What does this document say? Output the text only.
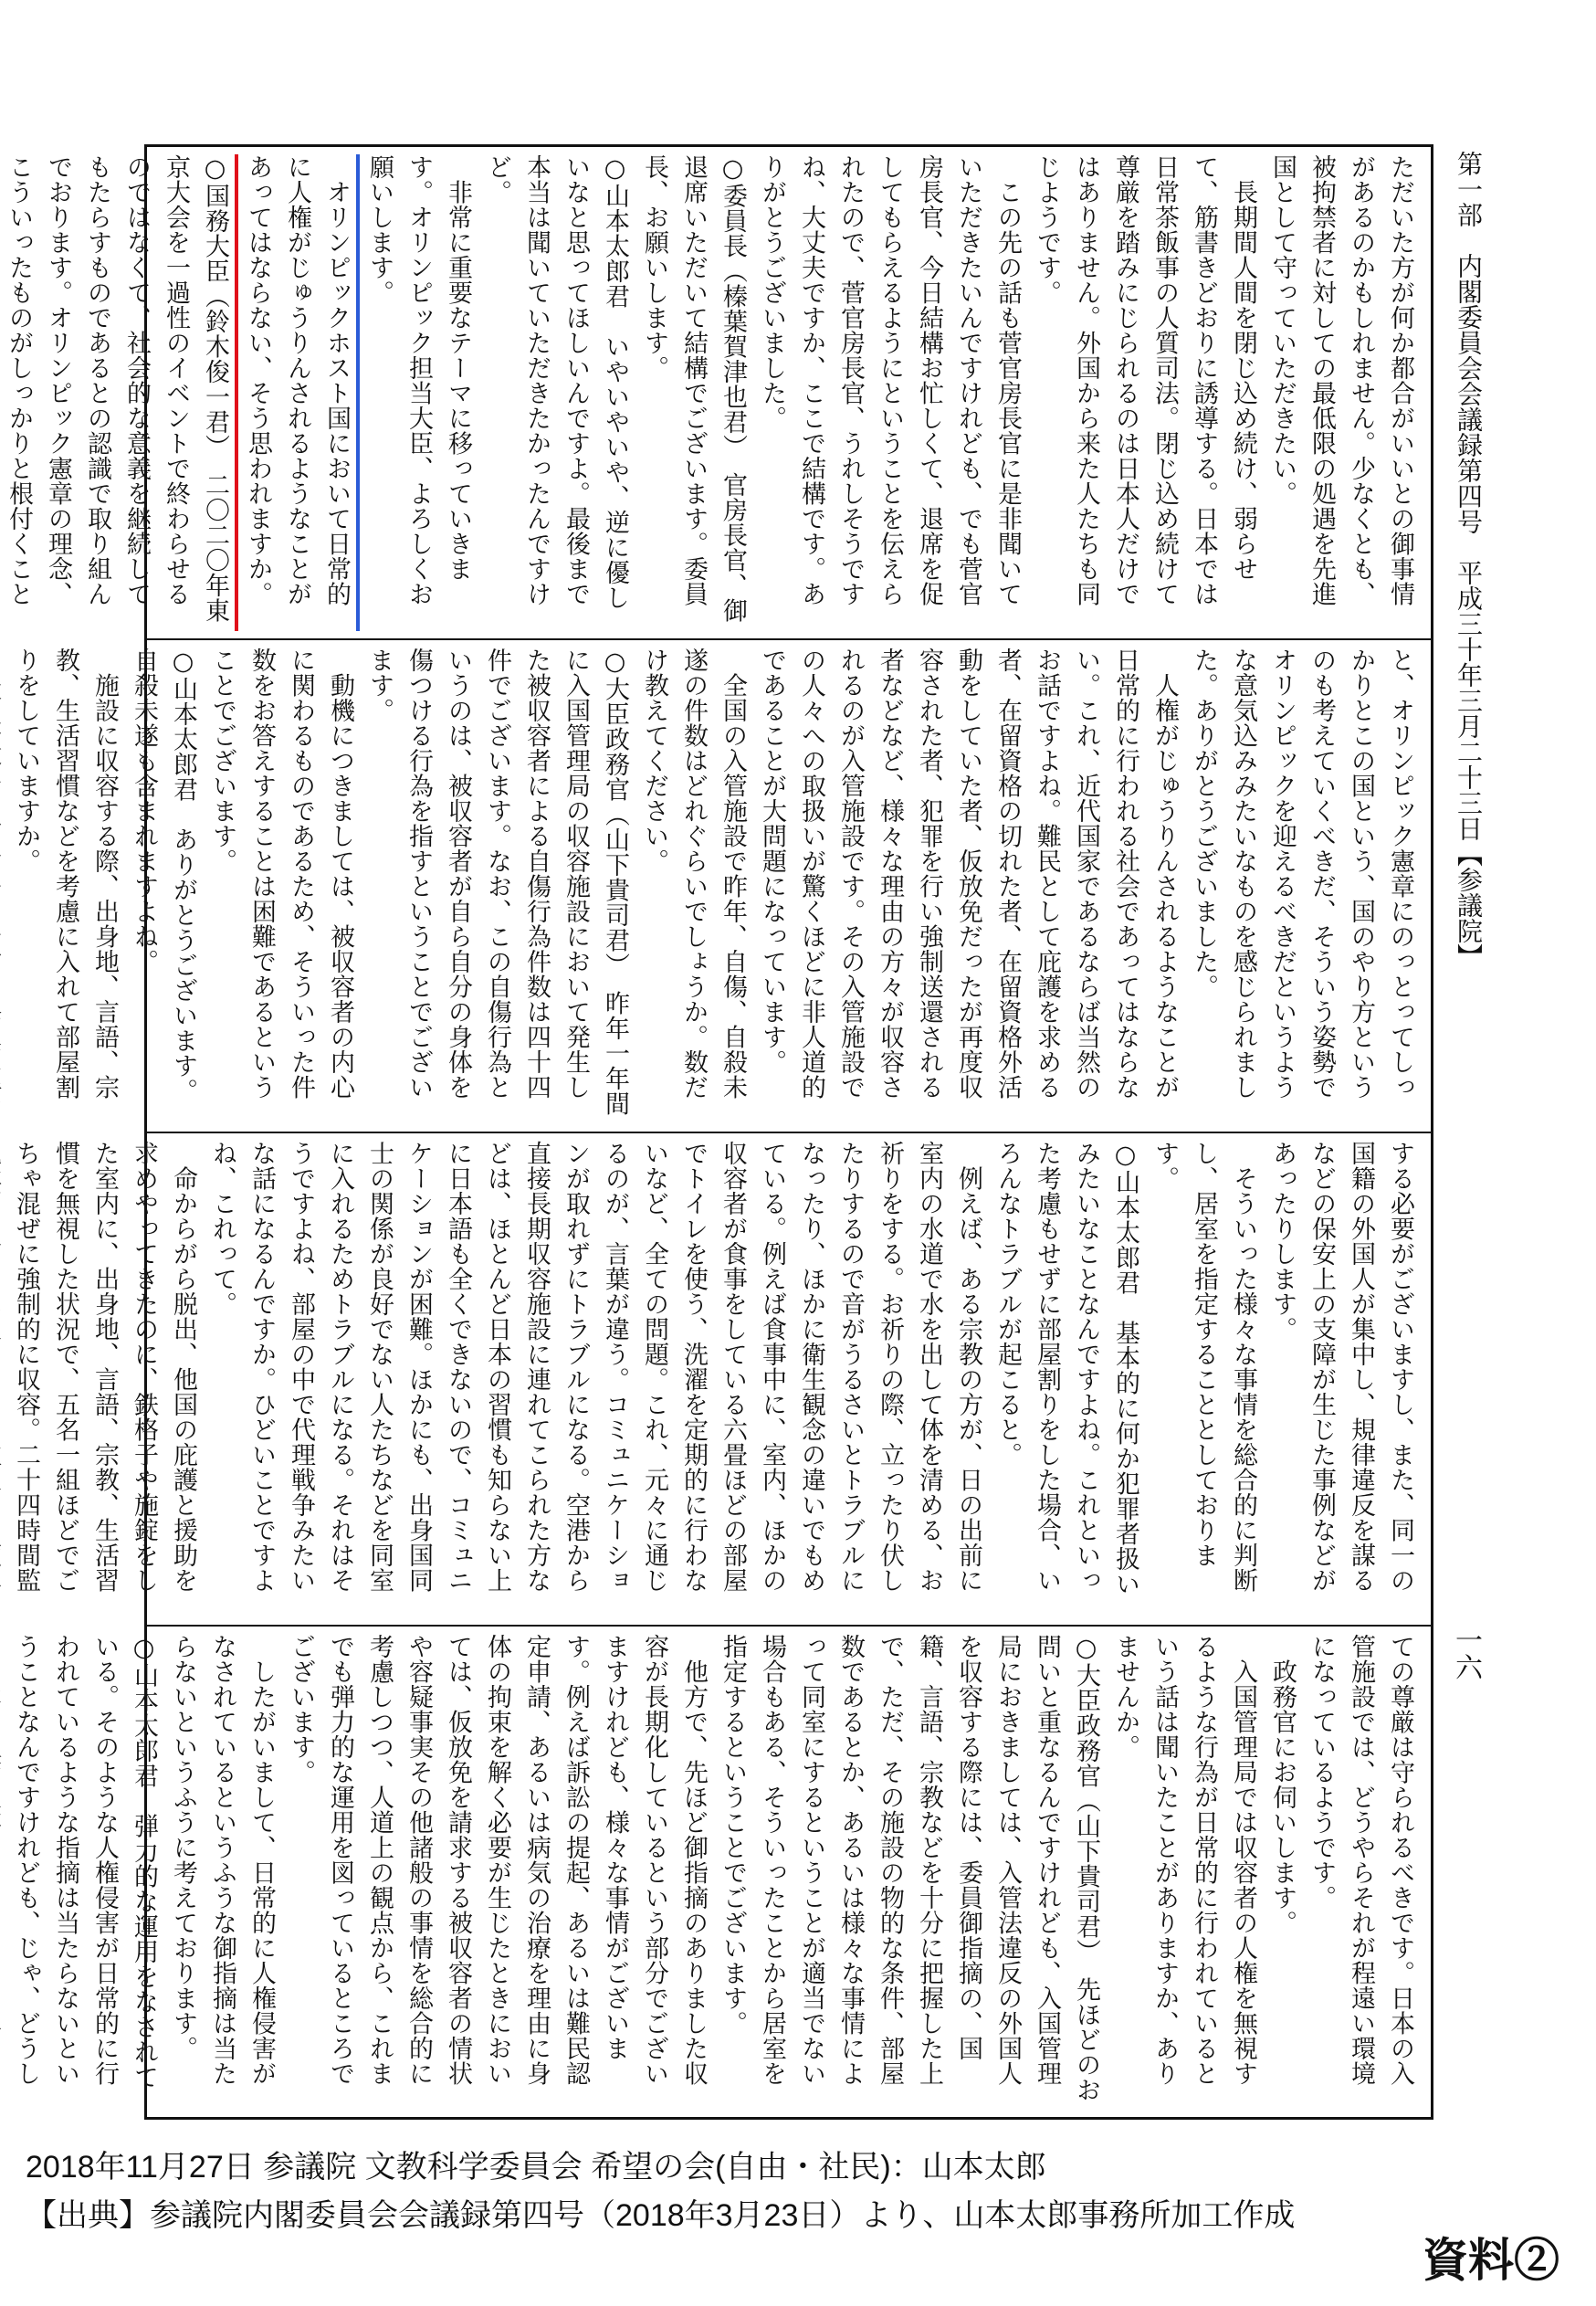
ただいた方が何か都合がいいとの御事情があるのかもしれません。少なくとも、被拘禁者に対しての最低限の処遇を先進国として守っていただきたい。

　長期間人間を閉じ込め続け、弱らせて、筋書きどおりに誘導する。日本では日常茶飯事の人質司法。閉じ込め続けて尊厳を踏みにじられるのは日本人だけではありません。外国から来た人たちも同じようです。

　この先の話も菅官房長官に是非聞いていただきたいんですけれども、でも菅官房長官、今日結構お忙しくて、退席を促してもらえるようにということを伝えられたので、菅官房長官、うれしそうですね、大丈夫ですか、ここで結構です。ありがとうございました。

○委員長（榛葉賀津也君）　官房長官、御退席いただいて結構でございます。委員長、お願いします。

○山本太郎君　いやいやいや、逆に優しいなと思ってほしいんですよ。最後まで本当は聞いていただきたかったんですけど。

　非常に重要なテーマに移っていきます。オリンピック担当大臣、よろしくお願いします。

　オリンピックホスト国において日常的に人権がじゅうりんされるようなことがあってはならない、そう思われますか。

○国務大臣（鈴木俊一君）　二〇二〇年東京大会を一過性のイベントで終わらせるのではなくて、社会的な意義を継続してもたらすものであるとの認識で取り組んでおります。オリンピック憲章の理念、こういったものがしっかりと根付くこと

と、オリンピック憲章にのっとってしっかりとこの国という、国のやり方というのも考えていくべきだ、そういう姿勢でオリンピックを迎えるべきだというような意気込みみたいなものを感じられました。ありがとうございました。

　人権がじゅうりんされるようなことが日常的に行われる社会であってはならない。これ、近代国家であるならば当然のお話ですよね。難民として庇護を求める者、在留資格の切れた者、在留資格外活動をしていた者、仮放免だったが再度収容された者、犯罪を行い強制送還される者などなど、様々な理由の方々が収容されるのが入管施設です。その入管施設での人々への取扱いが驚くほどに非人道的であることが大問題になっています。

　全国の入管施設で昨年、自傷、自殺未遂の件数はどれぐらいでしょうか。数だけ教えてください。

○大臣政務官（山下貴司君）　昨年一年間に入国管理局の収容施設において発生した被収容者による自傷行為件数は四十四件でございます。なお、この自傷行為というのは、被収容者が自ら自分の身体を傷つける行為を指すということでございます。

　動機につきましては、被収容者の内心に関わるものであるため、そういった件数をお答えすることは困難であるということでございます。

○山本太郎君　ありがとうございます。自殺未遂も含まれますよね。

　施設に収容する際、出身地、言語、宗教、生活習慣などを考慮に入れて部屋割りをしていますか。

する必要がございますし、また、同一の国籍の外国人が集中し、規律違反を謀るなどの保安上の支障が生じた事例などがあったりします。

　そういった様々な事情を総合的に判断し、居室を指定することとしております。

○山本太郎君　基本的に何か犯罪者扱いみたいなことなんですよね。これといった考慮もせずに部屋割りをした場合、いろんなトラブルが起こると。

　例えば、ある宗教の方が、日の出前に室内の水道で水を出して体を清める、お祈りをする。お祈りの際、立ったり伏したりするので音がうるさいとトラブルになったり、ほかに衛生観念の違いでもめている。例えば食事中に、室内、ほかの収容者が食事をしている六畳ほどの部屋でトイレを使う、洗濯を定期的に行わないなど、全ての問題。これ、元々に通じるのが、言葉が違う。コミュニケーションが取れずにトラブルになる。空港から直接長期収容施設に連れてこられた方などは、ほとんど日本の習慣も知らない上に日本語も全くできないので、コミュニケーションが困難。ほかにも、出身国同士の関係が良好でない人たちなどを同室に入れるためトラブルになる。それはそうですよね、部屋の中で代理戦争みたいな話になるんですか。ひどいことですよね、これって。

　命からがら脱出、他国の庇護と援助を求めやってきたのに、鉄格子や施錠をした室内に、出身地、言語、宗教、生活習慣を無視した状況で、五名一組ほどでごちゃ混ぜに強制的に収容。二十四時間監

ての尊厳は守られるべきです。日本の入管施設では、どうやらそれが程遠い環境になっているようです。

　政務官にお伺いします。

　入国管理局では収容者の人権を無視するような行為が日常的に行われているという話は聞いたことがありますか、ありませんか。

○大臣政務官（山下貴司君）　先ほどのお問いと重なるんですけれども、入国管理局におきましては、入管法違反の外国人を収容する際には、委員御指摘の、国籍、言語、宗教などを十分に把握した上で、ただ、その施設の物的な条件、部屋数であるとか、あるいは様々な事情によって同室にするということが適当でない場合もある、そういったことから居室を指定するということでございます。

　他方で、先ほど御指摘のありました収容が長期化しているという部分でございますけれども、様々な事情がございます。例えば訴訟の提起、あるいは難民認定申請、あるいは病気の治療を理由に身体の拘束を解く必要が生じたときにおいては、仮放免を請求する被収容者の情状や容疑事実その他諸般の事情を総合的に考慮しつつ、人道上の観点から、これまでも弾力的な運用を図っているところでございます。

　したがいまして、日常的に人権侵害がなされているというふうな御指摘は当たらないというふうに考えております。

○山本太郎君　弾力的な運用をなされている。そのような人権侵害が日常的に行われているような指摘は当たらないということなんですけれども、じゃ、どうし

第一部　内閣委員会会議録第四号　平成三十年三月二十三日【参議院】
一六
2018年11月27日 参議院 文教科学委員会 希望の会(自由・社民)：山本太郎
【出典】参議院内閣委員会会議録第四号（2018年3月23日）より、山本太郎事務所加工作成
資料②
